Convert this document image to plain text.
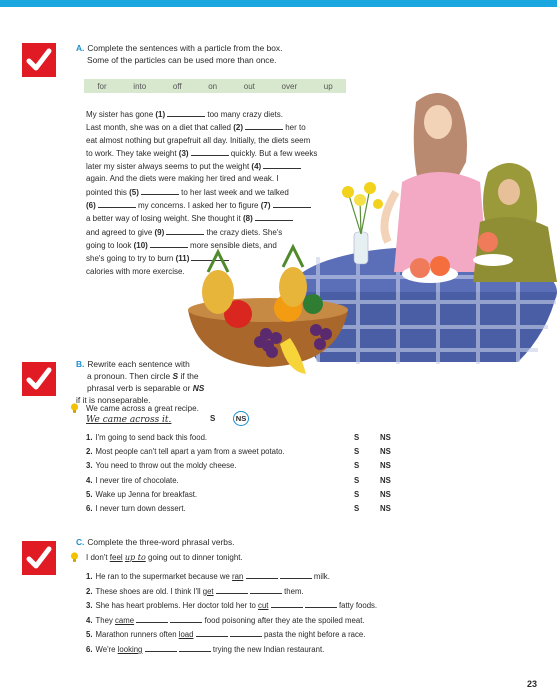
A. Complete the sentences with a particle from the box.
Some of the particles can be used more than once.
for	into	off	on	out	over	up

My sister has gone (1)	too many crazy diets.

Last month, she was on a diet that called (2)	her to

eat almost nothing but grapefruit all day. Initially, the diets seem

to work. They take weight (3)	quickly. But a few weeks

later my sister always seems to put the weight (4)

again. And the diets were making her tired and weak. I

pointed this (5)	to her last week and we talked

(6)	my concerns. I asked her to figure (7)

a better way of losing weight. She thought it (8)

and agreed to give (9)	the crazy diets. She's

going to look (10)	more sensible diets, and

she's going to try to burn (11)

calories with more exercise.

B. Rewrite each sentence with
a pronoun. Then circle S if the
phrasal verb is separable or NS if it is nonseparable.
We came across a great recipe.
We came across it.	S	NS
1. I'm going to send back this food.	S	NS
2. Most people can't tell apart a yam from a sweet potato.	S	NS
3. You need to throw out the moldy cheese.	S	NS
4. I never tire of chocolate.	S	NS
5. Wake up Jenna for breakfast.	S	NS
6. I never turn down dessert.	S	NS
C. Complete the three-word phrasal verbs.
I don't feel up to going out to dinner tonight.
1. He ran to the supermarket because we ran	milk.
2. These shoes are old. I think I'll get	them.
3. She has heart problems. Her doctor told her to cut	fatty foods.
4. They came	food poisoning after they ate the spoiled meat.
5. Marathon runners often load	pasta the night before a race.
6. We're looking	trying the new Indian restaurant.
23
